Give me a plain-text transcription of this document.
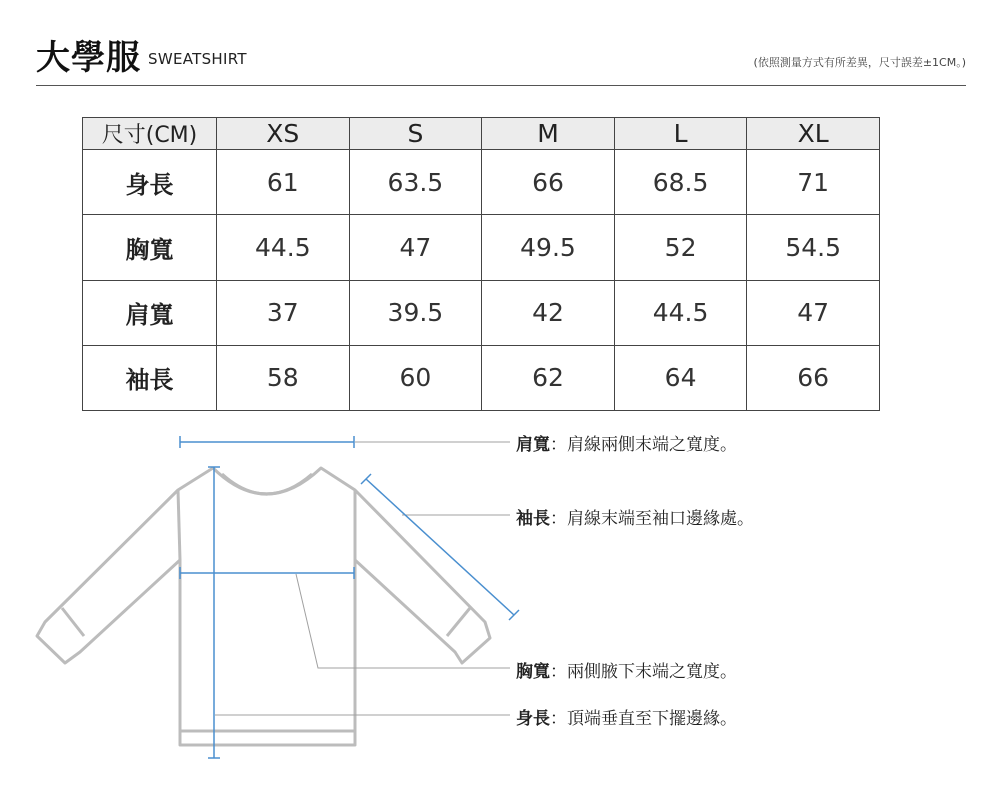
大學服 SWEATSHIRT	(依照測量方式有所差異，尺寸誤差±1CM。)
尺寸(CM)	XS	S	M	L	XL
身長	61	63.5	66	68.5	71
胸寬	44.5	47	49.5	52	54.5
肩寬	37	39.5	42	44.5	47
袖長	58	60	62	64	66
肩寬：肩線兩側末端之寬度。
袖長：肩線末端至袖口邊緣處。
胸寬：兩側腋下末端之寬度。
身長：頂端垂直至下擺邊緣。
